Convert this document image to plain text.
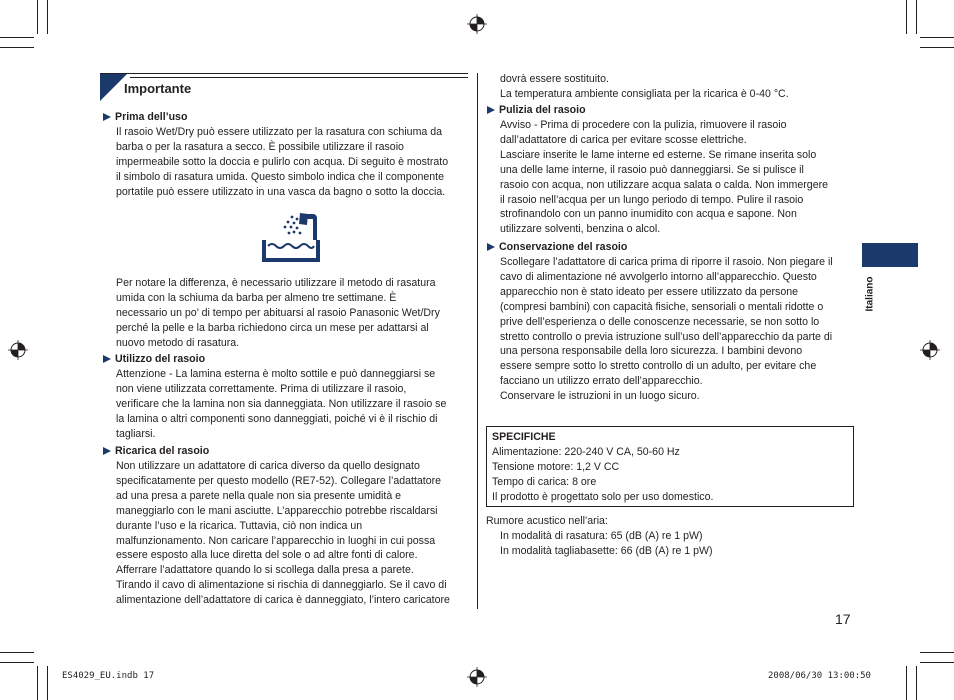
Importante
Prima dell’uso
Il rasoio Wet/Dry può essere utilizzato per la rasatura con schiuma da
barba o per la rasatura a secco. È possibile utilizzare il rasoio
impermeabile sotto la doccia e pulirlo con acqua. Di seguito è mostrato
il simbolo di rasatura umida. Questo simbolo indica che il componente
portatile può essere utilizzato in una vasca da bagno o sotto la doccia.
Per notare la differenza, è necessario utilizzare il metodo di rasatura
umida con la schiuma da barba per almeno tre settimane. È
necessario un po’ di tempo per abituarsi al rasoio Panasonic Wet/Dry
perché la pelle e la barba richiedono circa un mese per adattarsi al
nuovo metodo di rasatura.
Utilizzo del rasoio
Attenzione - La lamina esterna è molto sottile e può danneggiarsi se
non viene utilizzata correttamente. Prima di utilizzare il rasoio,
verificare che la lamina non sia danneggiata. Non utilizzare il rasoio se
la lamina o altri componenti sono danneggiati, poiché vi è il rischio di
tagliarsi.
Ricarica del rasoio
Non utilizzare un adattatore di carica diverso da quello designato
specificatamente per questo modello (RE7-52). Collegare l’adattatore
ad una presa a parete nella quale non sia presente umidità e
maneggiarlo con le mani asciutte. L’apparecchio potrebbe riscaldarsi
durante l’uso e la ricarica. Tuttavia, ciò non indica un
malfunzionamento. Non caricare l’apparecchio in luoghi in cui possa
essere esposto alla luce diretta del sole o ad altre fonti di calore.
Afferrare l’adattatore quando lo si scollega dalla presa a parete.
Tirando il cavo di alimentazione si rischia di danneggiarlo. Se il cavo di
alimentazione dell’adattatore di carica è danneggiato, l’intero caricatore
dovrà essere sostituito.
La temperatura ambiente consigliata per la ricarica è 0-40 °C.
Pulizia del rasoio
Avviso - Prima di procedere con la pulizia, rimuovere il rasoio
dall’adattatore di carica per evitare scosse elettriche.
Lasciare inserite le lame interne ed esterne. Se rimane inserita solo
una delle lame interne, il rasoio può danneggiarsi. Se si pulisce il
rasoio con acqua, non utilizzare acqua salata o calda. Non immergere
il rasoio nell’acqua per un lungo periodo di tempo. Pulire il rasoio
strofinandolo con un panno inumidito con acqua e sapone. Non
utilizzare solventi, benzina o alcol.
Conservazione del rasoio
Scollegare l’adattatore di carica prima di riporre il rasoio. Non piegare il
cavo di alimentazione né avvolgerlo intorno all’apparecchio. Questo
apparecchio non è stato ideato per essere utilizzato da persone
(compresi bambini) con capacità fisiche, sensoriali o mentali ridotte o
prive dell’esperienza o delle conoscenze necessarie, se non sotto lo
stretto controllo o previa istruzione sull’uso dell’apparecchio da parte di
una persona responsabile della loro sicurezza. I bambini devono
essere sempre sotto lo stretto controllo di un adulto, per evitare che
facciano un utilizzo errato dell’apparecchio.
Conservare le istruzioni in un luogo sicuro.
SPECIFICHE
Alimentazione: 220-240 V CA, 50-60 Hz
Tensione motore: 1,2 V CC
Tempo di carica: 8 ore
Il prodotto è progettato solo per uso domestico.
Rumore acustico nell’aria:
In modalità di rasatura: 65 (dB (A) re 1 pW)
In modalità tagliabasette: 66 (dB (A) re 1 pW)
Italiano
17
ES4029_EU.indb 17	2008/06/30 13:00:50
